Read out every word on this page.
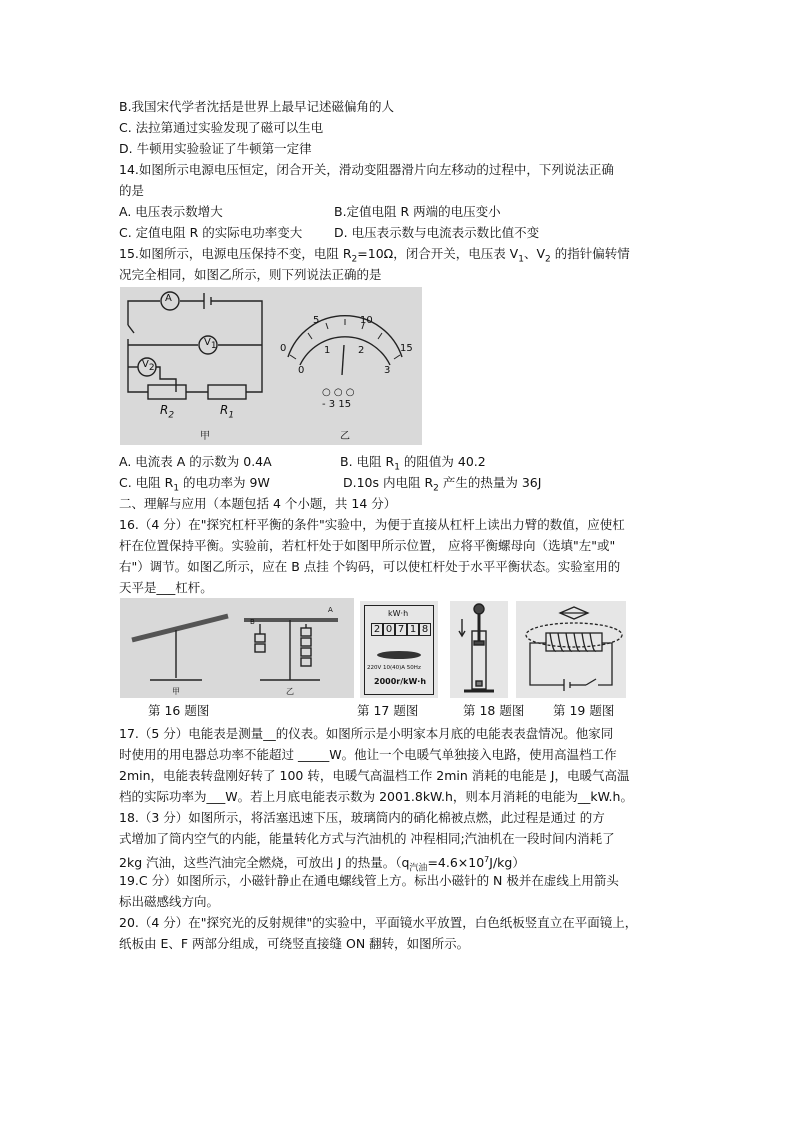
B.我国宋代学者沈括是世界上最早记述磁偏角的人
C. 法拉第通过实验发现了磁可以生电
D. 牛顿用实验验证了牛顿第一定律
14.如图所示电源电压恒定，闭合开关，滑动变阻器滑片向左移动的过程中，下列说法正确
的是
A. 电压表示数增大	B.定值电阻 R 两端的电压变小
C. 定值电阻 R 的实际电功率变大	D. 电压表示数与电流表示数比值不变
15.如图所示，电源电压保持不变，电阻 $R_2=10\Omega$，闭合开关，电压表 $V_1$、$V_2$ 的指针偏转情
况完全相同，如图乙所示，则下列说法正确的是
A
$V_1$
$V_2$
$R_2$	$R_1$
甲
0
5	10
15
0
1	2
3
○ ○ ○
- 3 15
乙
A. 电流表 A 的示数为 0.4A	B. 电阻 $R_1$ 的阻值为 40.2
C. 电阻 $R_1$ 的电功率为 9W	D.10s 内电阻 $R_2$ 产生的热量为 36J
二、理解与应用（本题包括 4 个小题，共 14 分）
16.（4 分）在"探究杠杆平衡的条件"实验中，为便于直接从杠杆上读出力臂的数值，应使杠
杆在位置保持平衡。实验前，若杠杆处于如图甲所示位置， 应将平衡螺母向（选填"左"或"
右"）调节。如图乙所示，应在 B 点挂 个钩码，可以使杠杆处于水平平衡状态。实验室用的
天平是___杠杆。
B
A
甲	乙
kW·h
2 0 7 1 8
220V 10(40)A 50Hz
2000r/kW·h
第 16 题图	第 17 题图	第 18 题图 第 19 题图
17.（5 分）电能表是测量__的仪表。如图所示是小明家本月底的电能表表盘情况。他家同
时使用的用电器总功率不能超过 _____W。他让一个电暖气单独接入电路，使用高温档工作
2min，电能表转盘刚好转了 100 转，电暖气高温档工作 2min 消耗的电能是 J，电暖气高温
档的实际功率为___W。若上月底电能表示数为 2001.8kW.h，则本月消耗的电能为__kW.h。
18.（3 分）如图所示，将活塞迅速下压，玻璃筒内的硝化棉被点燃，此过程是通过 的方
式增加了筒内空气的内能，能量转化方式与汽油机的 冲程相同;汽油机在一段时间内消耗了
2kg 汽油，这些汽油完全燃烧，可放出 J 的热量。$(q_{汽油}=4.6\times 10^7J/kg)$
19.C 分）如图所示，小磁针静止在通电螺线管上方。标出小磁针的 N 极并在虚线上用箭头
标出磁感线方向。
20.（4 分）在"探究光的反射规律"的实验中，平面镜水平放置，白色纸板竖直立在平面镜上，
纸板由 E、F 两部分组成，可绕竖直接缝 ON 翻转，如图所示。
